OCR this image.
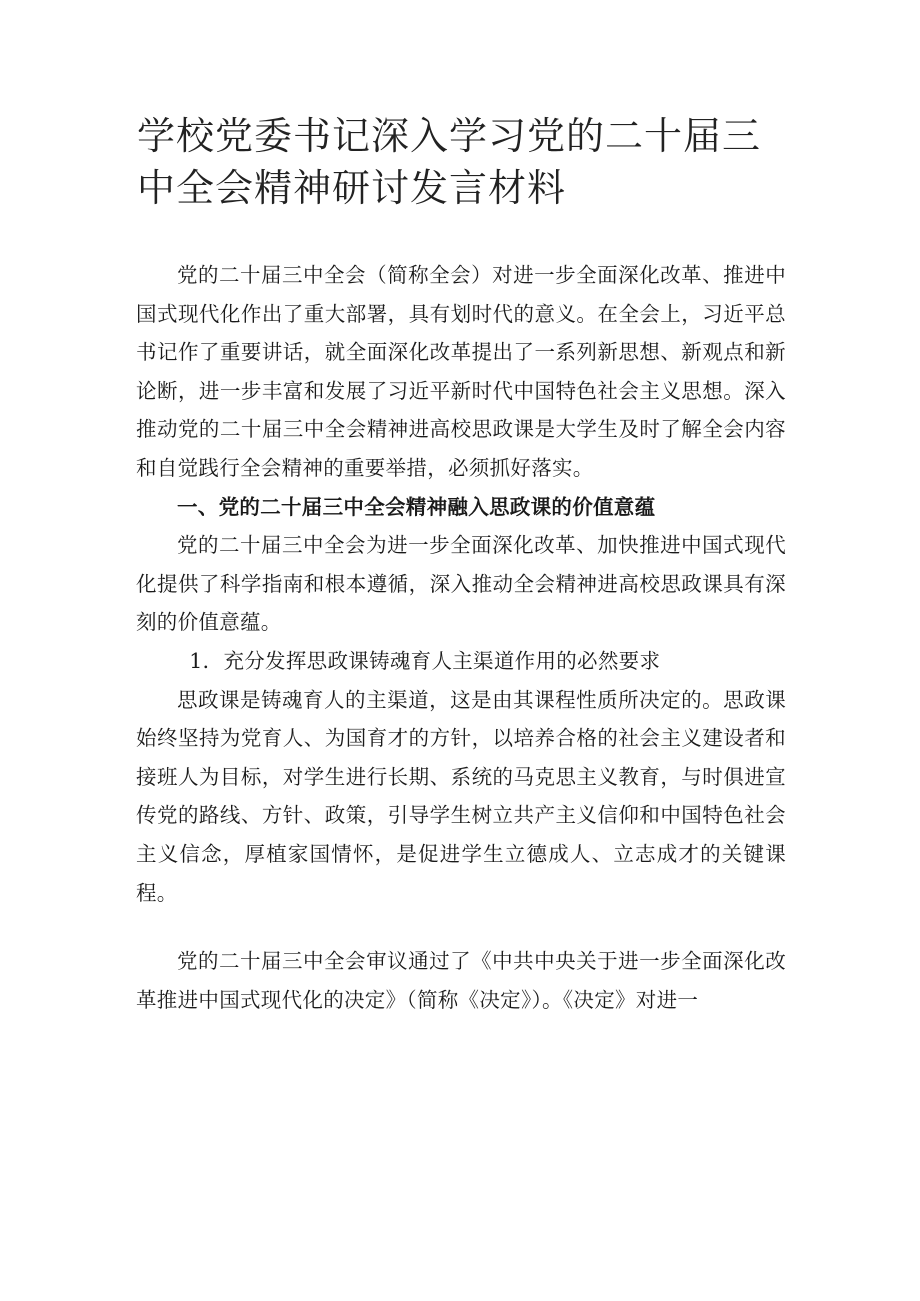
学校党委书记深入学习党的二十届三中全会精神研讨发言材料

党的二十届三中全会（简称全会）对进一步全面深化改革、推进中国式现代化作出了重大部署，具有划时代的意义。在全会上，习近平总书记作了重要讲话，就全面深化改革提出了一系列新思想、新观点和新论断，进一步丰富和发展了习近平新时代中国特色社会主义思想。深入推动党的二十届三中全会精神进高校思政课是大学生及时了解全会内容和自觉践行全会精神的重要举措，必须抓好落实。

一、党的二十届三中全会精神融入思政课的价值意蕴

党的二十届三中全会为进一步全面深化改革、加快推进中国式现代化提供了科学指南和根本遵循，深入推动全会精神进高校思政课具有深刻的价值意蕴。

1．充分发挥思政课铸魂育人主渠道作用的必然要求

思政课是铸魂育人的主渠道，这是由其课程性质所决定的。思政课始终坚持为党育人、为国育才的方针，以培养合格的社会主义建设者和接班人为目标，对学生进行长期、系统的马克思主义教育，与时俱进宣传党的路线、方针、政策，引导学生树立共产主义信仰和中国特色社会主义信念，厚植家国情怀，是促进学生立德成人、立志成才的关键课程。

党的二十届三中全会审议通过了《中共中央关于进一步全面深化改革推进中国式现代化的决定》（简称《决定》）。《决定》对进一
